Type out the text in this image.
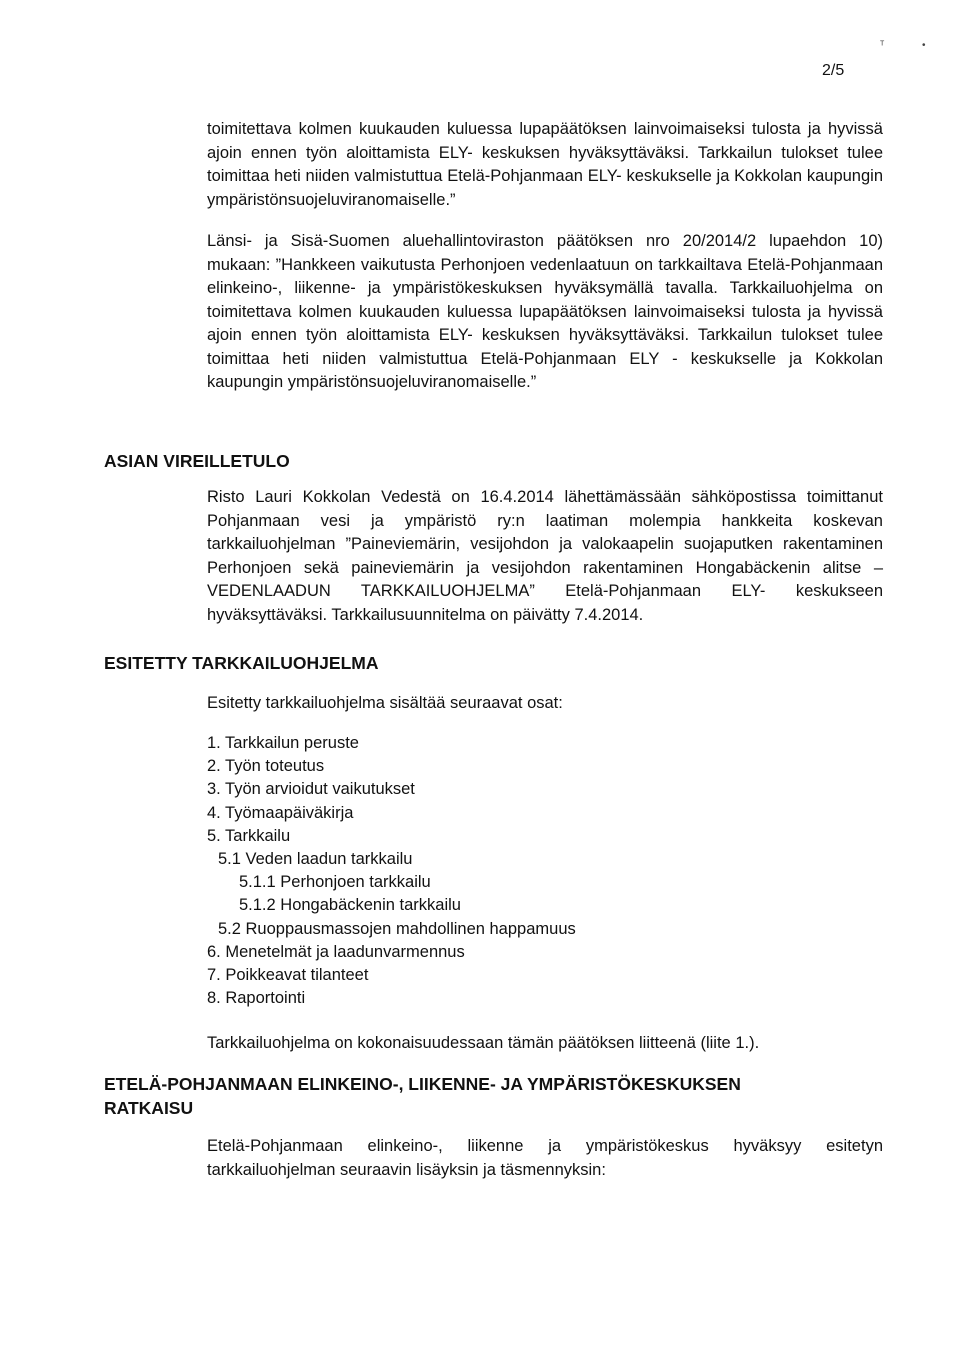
ᵀ	•
2/5

toimitettava kolmen kuukauden kuluessa lupapäätöksen lainvoimaiseksi tulosta ja hyvissä ajoin ennen työn aloittamista ELY- keskuksen hyväksyttäväksi. Tarkkailun tulokset tulee toimittaa heti niiden valmistuttua Etelä-Pohjanmaan ELY- keskukselle ja Kokkolan kaupungin ympäristönsuojeluviranomaiselle.”

Länsi- ja Sisä-Suomen aluehallintoviraston päätöksen nro 20/2014/2 lupaehdon 10) mukaan: ”Hankkeen vaikutusta Perhonjoen vedenlaatuun on tarkkailtava Etelä-Pohjanmaan elinkeino-, liikenne- ja ympäristökeskuksen hyväksymällä tavalla. Tarkkailuohjelma on toimitettava kolmen kuukauden kuluessa lupapäätöksen lainvoimaiseksi tulosta ja hyvissä ajoin ennen työn aloittamista ELY- keskuksen hyväksyttäväksi. Tarkkailun tulokset tulee toimittaa heti niiden valmistuttua Etelä-Pohjanmaan ELY - keskukselle ja Kokkolan kaupungin ympäristönsuojeluviranomaiselle.”

ASIAN VIREILLETULO

Risto Lauri Kokkolan Vedestä on 16.4.2014 lähettämässään sähköpostissa toimittanut Pohjanmaan vesi ja ympäristö ry:n laatiman molempia hankkeita koskevan tarkkailuohjelman ”Paineviemärin, vesijohdon ja valokaapelin suojaputken rakentaminen Perhonjoen sekä paineviemärin ja vesijohdon rakentaminen Hongabäckenin alitse – VEDENLAADUN TARKKAILUOHJELMA” Etelä-Pohjanmaan ELY- keskukseen hyväksyttäväksi. Tarkkailusuunnitelma on päivätty 7.4.2014.

ESITETTY TARKKAILUOHJELMA

Esitetty tarkkailuohjelma sisältää seuraavat osat:

1. Tarkkailun peruste
2. Työn toteutus
3. Työn arvioidut vaikutukset
4. Työmaapäiväkirja
5. Tarkkailu
5.1 Veden laadun tarkkailu
5.1.1 Perhonjoen tarkkailu
5.1.2 Hongabäckenin tarkkailu
5.2 Ruoppausmassojen mahdollinen happamuus
6. Menetelmät ja laadunvarmennus
7. Poikkeavat tilanteet
8. Raportointi

Tarkkailuohjelma on kokonaisuudessaan tämän päätöksen liitteenä (liite 1.).

ETELÄ-POHJANMAAN ELINKEINO-, LIIKENNE- JA YMPÄRISTÖKESKUKSEN
RATKAISU

Etelä-Pohjanmaan elinkeino-, liikenne ja ympäristökeskus hyväksyy esitetyn tarkkailuohjelman seuraavin lisäyksin ja täsmennyksin:
